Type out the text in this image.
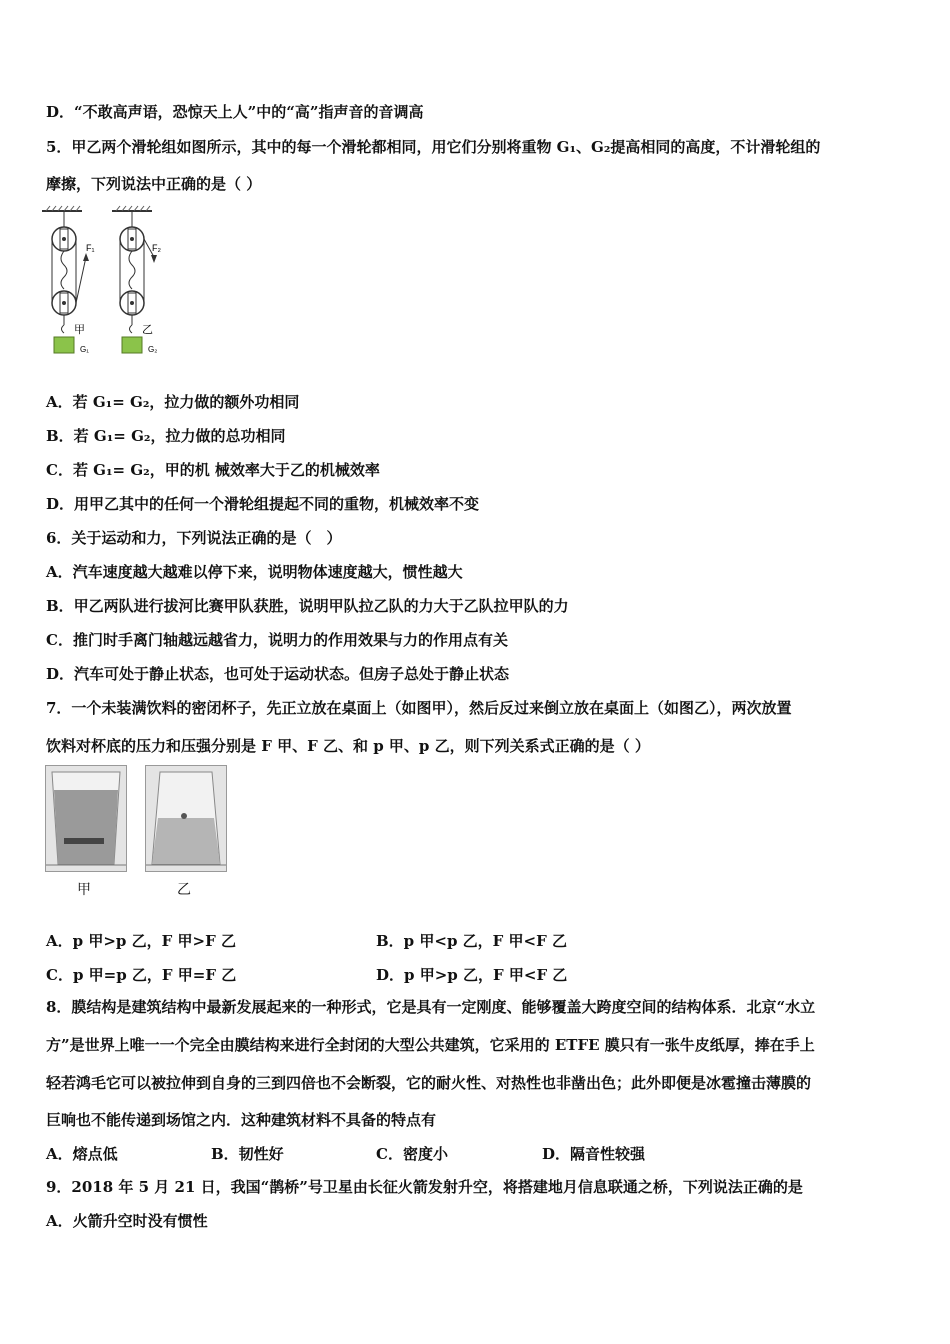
D．“不敢高声语，恐惊天上人”中的“高”指声音的音调高
5．甲乙两个滑轮组如图所示，其中的每一个滑轮都相同，用它们分别将重物 G₁、G₂提高相同的高度，不计滑轮组的
摩擦，下列说法中正确的是（ ）
F₁	F₂
甲	乙
G₁	G₂
A．若 G₁= G₂，拉力做的额外功相同
B．若 G₁= G₂，拉力做的总功相同
C．若 G₁= G₂，甲的机 械效率大于乙的机械效率
D．用甲乙其中的任何一个滑轮组提起不同的重物，机械效率不变
6．关于运动和力，下列说法正确的是（　）
A．汽车速度越大越难以停下来，说明物体速度越大，惯性越大
B．甲乙两队进行拔河比赛甲队获胜，说明甲队拉乙队的力大于乙队拉甲队的力
C．推门时手离门轴越远越省力，说明力的作用效果与力的作用点有关
D．汽车可处于静止状态，也可处于运动状态。但房子总处于静止状态
7．一个未装满饮料的密闭杯子，先正立放在桌面上（如图甲），然后反过来倒立放在桌面上（如图乙），两次放置
饮料对杯底的压力和压强分别是 F 甲、F 乙、和 p 甲、p 乙，则下列关系式正确的是（ ）
甲	乙
A．p 甲>p 乙，F 甲>F 乙	B．p 甲<p 乙，F 甲<F 乙
C．p 甲=p 乙，F 甲=F 乙	D．p 甲>p 乙，F 甲<F 乙
8．膜结构是建筑结构中最新发展起来的一种形式，它是具有一定刚度、能够覆盖大跨度空间的结构体系．北京“水立
方”是世界上唯一一个完全由膜结构来进行全封闭的大型公共建筑，它采用的 ETFE 膜只有一张牛皮纸厚，捧在手上
轻若鸿毛它可以被拉伸到自身的三到四倍也不会断裂，它的耐火性、对热性也非凿出色；此外即便是冰雹撞击薄膜的
巨响也不能传递到场馆之内．这种建筑材料不具备的特点有
A．熔点低	B．韧性好	C．密度小	D．隔音性较强
9．2018 年 5 月 21 日，我国“鹊桥”号卫星由长征火箭发射升空，将搭建地月信息联通之桥，下列说法正确的是
A．火箭升空时没有惯性
